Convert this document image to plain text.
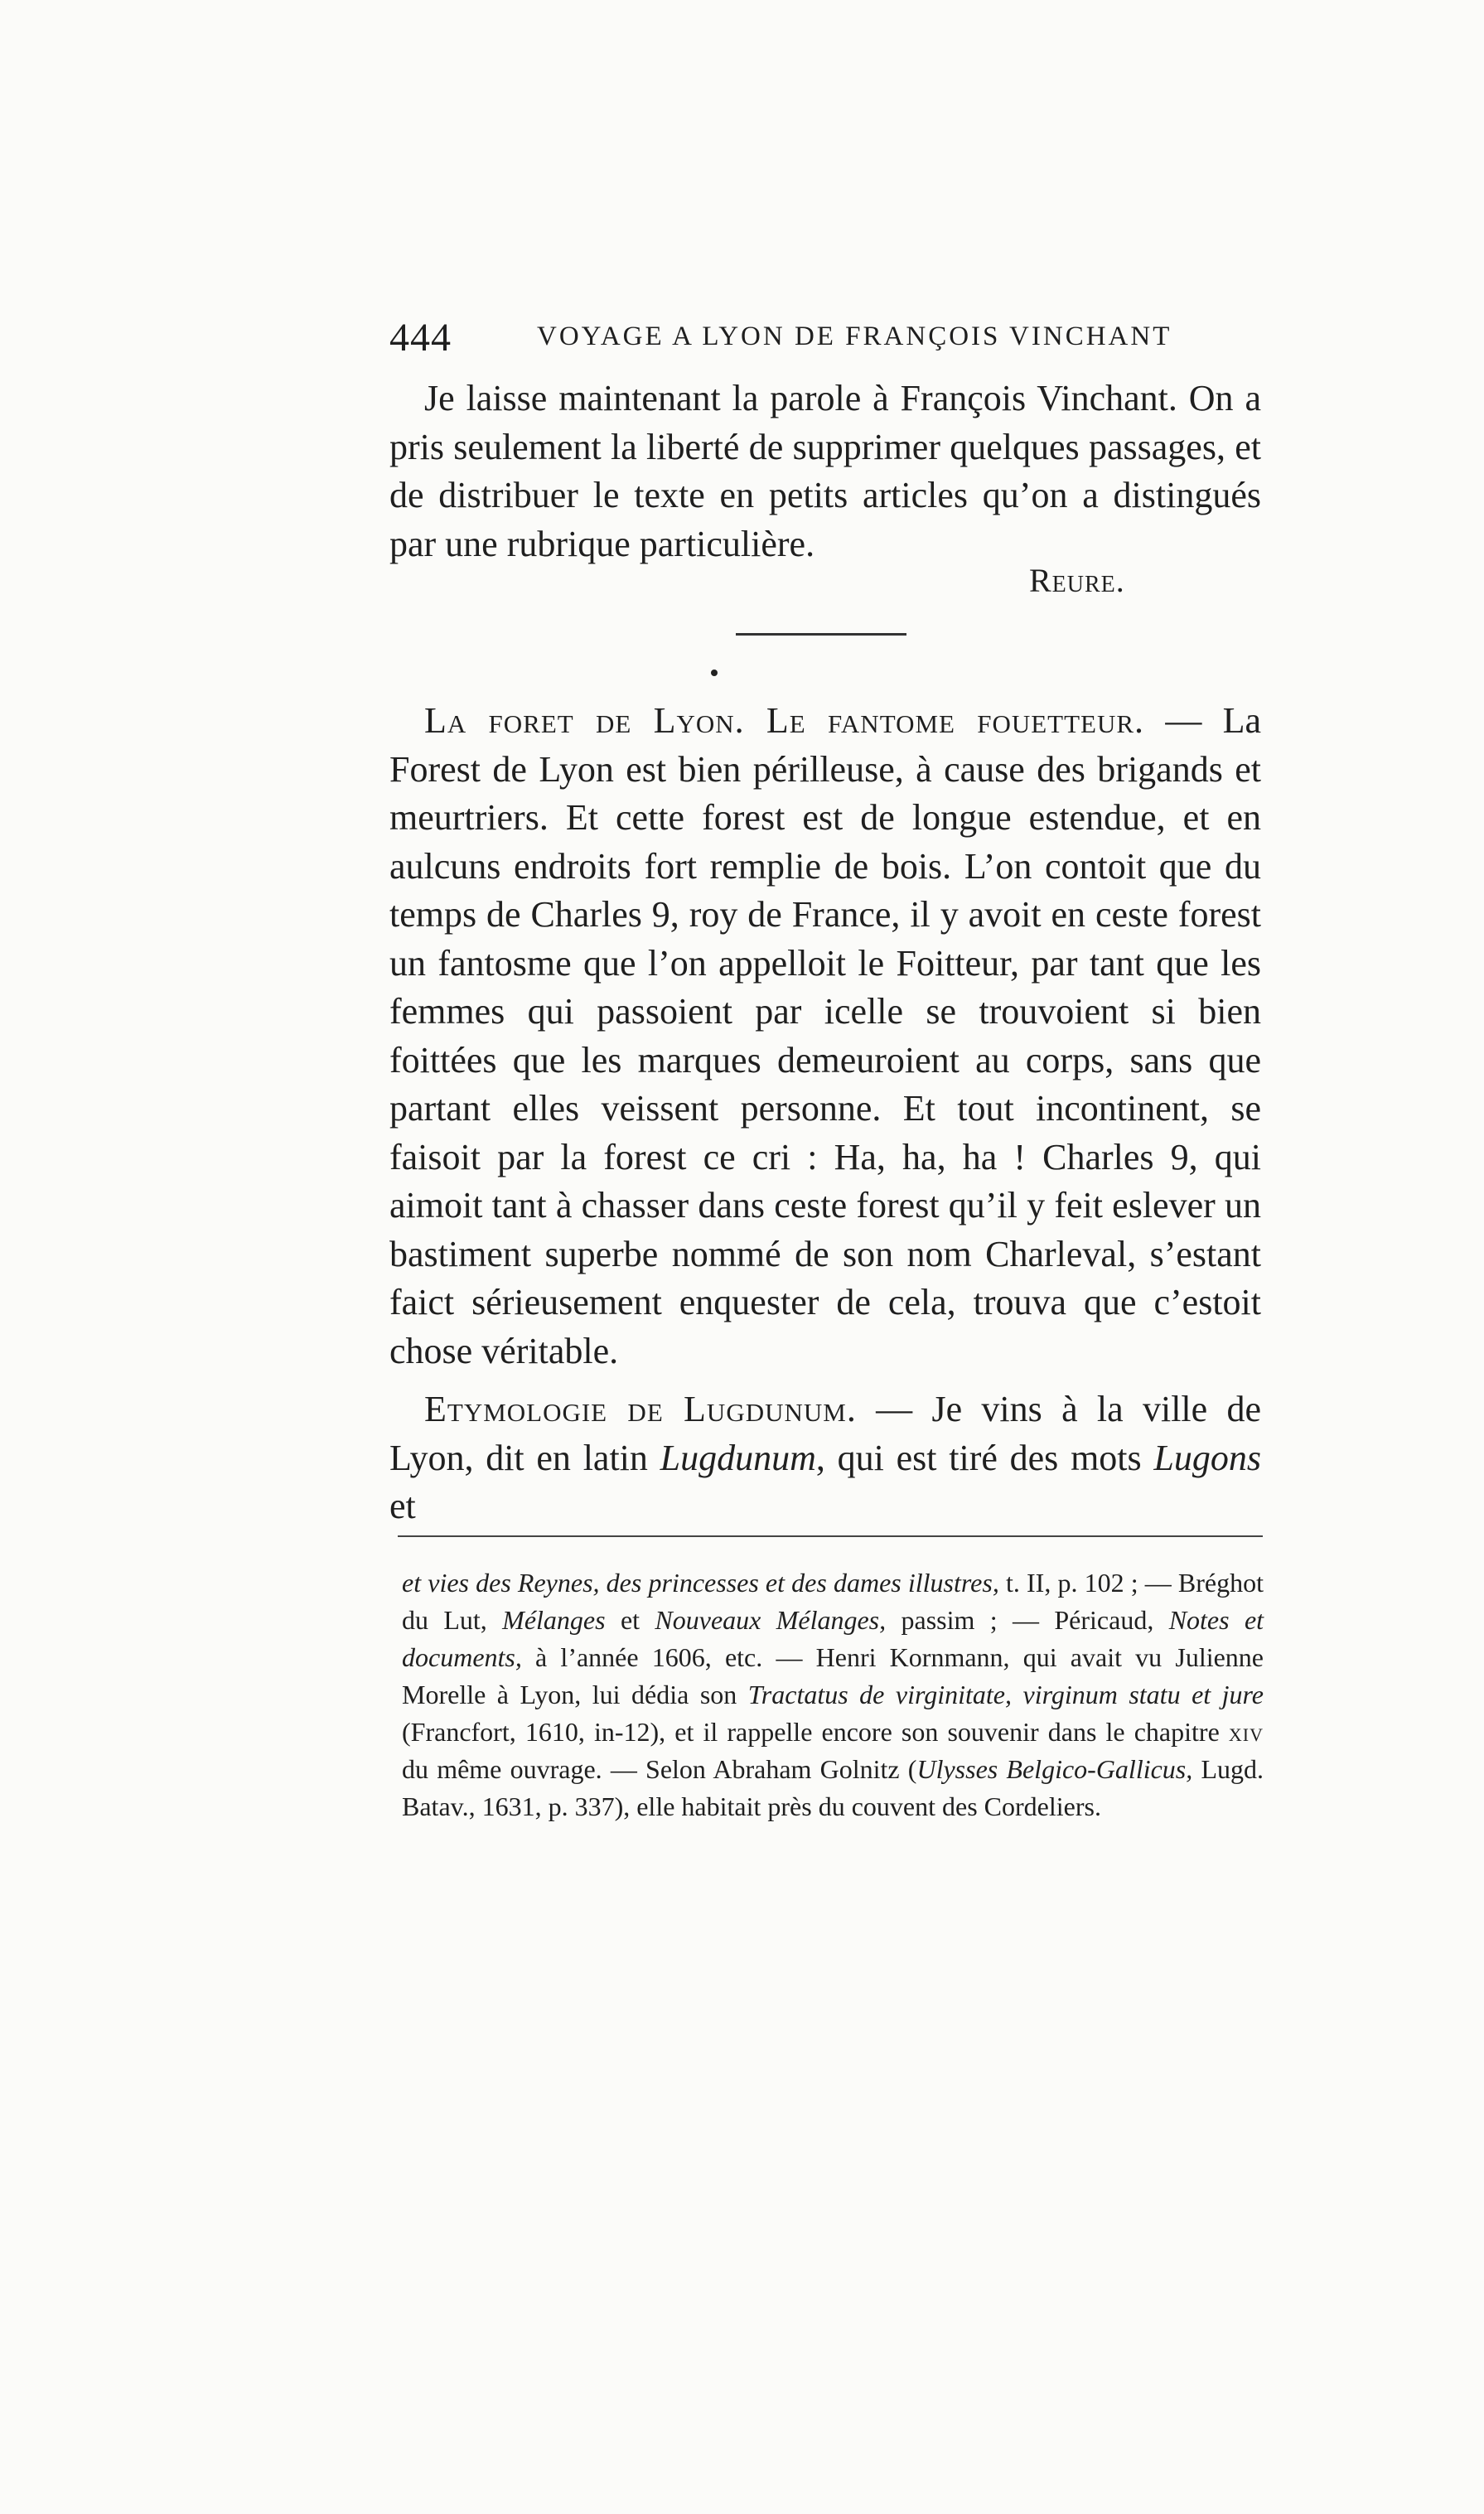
444	VOYAGE A LYON DE FRANÇOIS VINCHANT

Je laisse maintenant la parole à François Vinchant. On a pris seulement la liberté de supprimer quelques passages, et de distribuer le texte en petits articles qu’on a distingués par une rubrique particulière.

Reure.

La foret de Lyon. Le fantome fouetteur. — La Forest de Lyon est bien périlleuse, à cause des brigands et meurtriers. Et cette forest est de longue estendue, et en aulcuns endroits fort remplie de bois. L’on contoit que du temps de Charles 9, roy de France, il y avoit en ceste forest un fantosme que l’on appelloit le Foitteur, par tant que les femmes qui passoient par icelle se trouvoient si bien foittées que les marques demeuroient au corps, sans que partant elles veissent personne. Et tout incontinent, se faisoit par la forest ce cri : Ha, ha, ha ! Charles 9, qui aimoit tant à chasser dans ceste forest qu’il y feit eslever un bastiment superbe nommé de son nom Charleval, s’estant faict sérieusement enquester de cela, trouva que c’estoit chose véritable.

Etymologie de Lugdunum. — Je vins à la ville de Lyon, dit en latin Lugdunum, qui est tiré des mots Lugons et

et vies des Reynes, des princesses et des dames illustres, t. II, p. 102 ; — Bréghot du Lut, Mélanges et Nouveaux Mélanges, passim ; — Péricaud, Notes et documents, à l’année 1606, etc. — Henri Kornmann, qui avait vu Julienne Morelle à Lyon, lui dédia son Tractatus de virginitate, virginum statu et jure (Francfort, 1610, in-12), et il rappelle encore son souvenir dans le chapitre xiv du même ouvrage. — Selon Abraham Golnitz (Ulysses Belgico-Gallicus, Lugd. Batav., 1631, p. 337), elle habitait près du couvent des Cordeliers.
